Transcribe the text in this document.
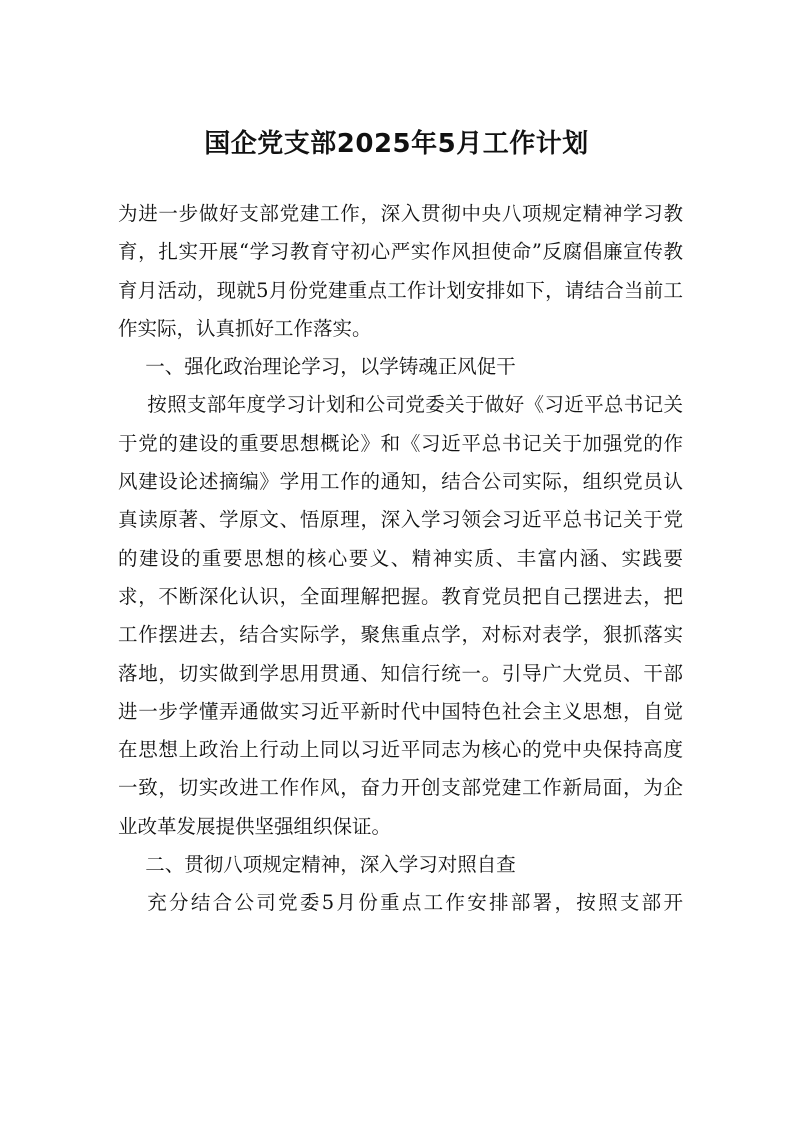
国企党支部2025年5月工作计划

为进一步做好支部党建工作，深入贯彻中央八项规定精神学习教育，扎实开展“学习教育守初心严实作风担使命”反腐倡廉宣传教育月活动，现就5月份党建重点工作计划安排如下，请结合当前工作实际，认真抓好工作落实。

一、强化政治理论学习，以学铸魂正风促干

按照支部年度学习计划和公司党委关于做好《习近平总书记关于党的建设的重要思想概论》和《习近平总书记关于加强党的作风建设论述摘编》学用工作的通知，结合公司实际，组织党员认真读原著、学原文、悟原理，深入学习领会习近平总书记关于党的建设的重要思想的核心要义、精神实质、丰富内涵、实践要求，不断深化认识，全面理解把握。教育党员把自己摆进去，把工作摆进去，结合实际学，聚焦重点学，对标对表学，狠抓落实落地，切实做到学思用贯通、知信行统一。引导广大党员、干部进一步学懂弄通做实习近平新时代中国特色社会主义思想，自觉在思想上政治上行动上同以习近平同志为核心的党中央保持高度一致，切实改进工作作风，奋力开创支部党建工作新局面，为企业改革发展提供坚强组织保证。

二、贯彻八项规定精神，深入学习对照自查

充分结合公司党委5月份重点工作安排部署，按照支部开
